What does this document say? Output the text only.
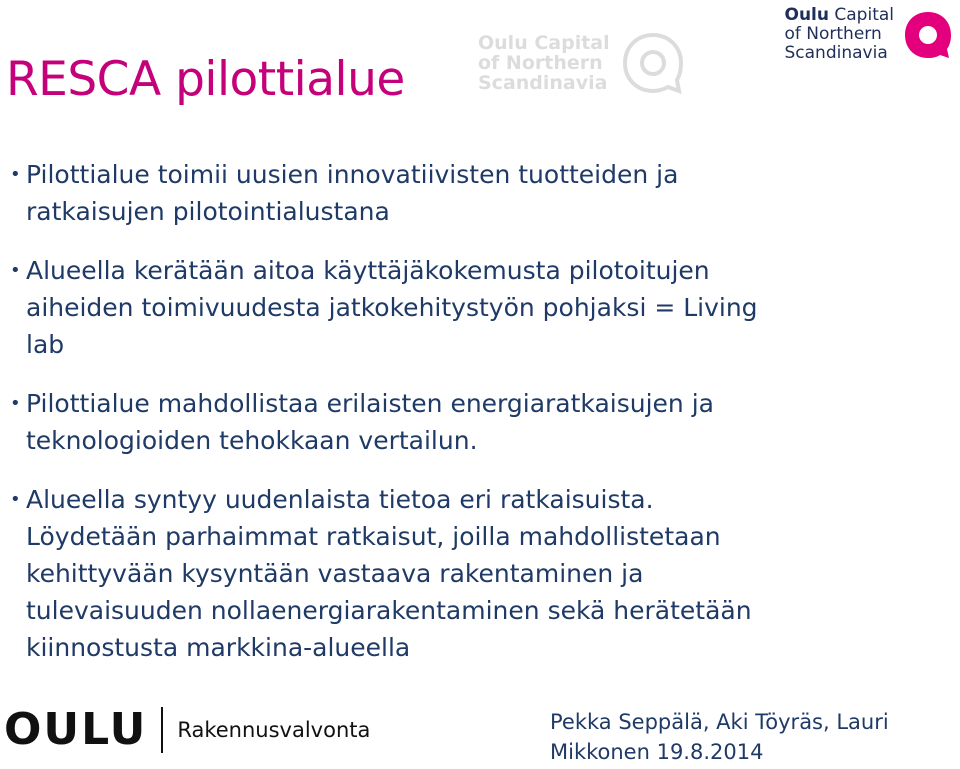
Oulu Capital
of Northern
Scandinavia
Oulu Capital
of Northern
Scandinavia
RESCA pilottialue
• Pilottialue toimii uusien innovatiivisten tuotteiden ja
ratkaisujen pilotointialustana
• Alueella kerätään aitoa käyttäjäkokemusta pilotoitujen
aiheiden toimivuudesta jatkokehitystyön pohjaksi = Living
lab
• Pilottialue mahdollistaa erilaisten energiaratkaisujen ja
teknologioiden tehokkaan vertailun.
• Alueella syntyy uudenlaista tietoa eri ratkaisuista.
Löydetään parhaimmat ratkaisut, joilla mahdollistetaan
kehittyvään kysyntään vastaava rakentaminen ja
tulevaisuuden nollaenergiarakentaminen sekä herätetään
kiinnostusta markkina-alueella
OULU Rakennusvalvonta	Pekka Seppälä, Aki Töyräs, Lauri
Mikkonen 19.8.2014
